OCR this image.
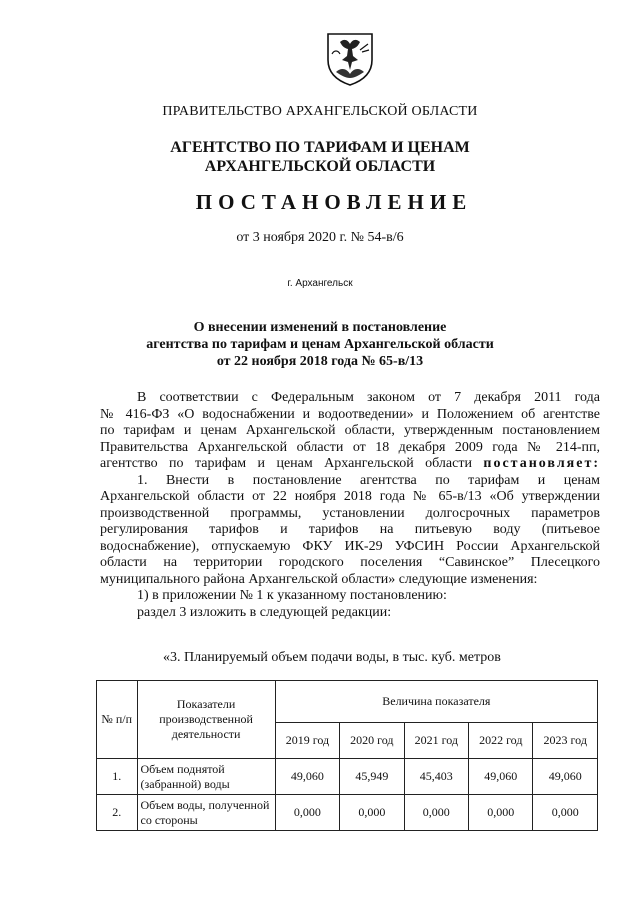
ПРАВИТЕЛЬСТВО АРХАНГЕЛЬСКОЙ ОБЛАСТИ
АГЕНТСТВО ПО ТАРИФАМ И ЦЕНАМ
АРХАНГЕЛЬСКОЙ ОБЛАСТИ
ПОСТАНОВЛЕНИЕ
от 3 ноября 2020 г. № 54-в/6
г. Архангельск
О внесении изменений в постановление
агентства по тарифам и ценам Архангельской области
от 22 ноября 2018 года № 65-в/13
В соответствии с Федеральным законом от 7 декабря 2011 года
№ 416-ФЗ «О водоснабжении и водоотведении» и Положением об агентстве
по тарифам и ценам Архангельской области, утвержденным постановлением
Правительства Архангельской области от 18 декабря 2009 года № 214-пп,
агентство по тарифам и ценам Архангельской области постановляет:
1. Внести в постановление агентства по тарифам и ценам
Архангельской области от 22 ноября 2018 года № 65-в/13 «Об утверждении
производственной программы, установлении долгосрочных параметров
регулирования тарифов и тарифов на питьевую воду (питьевое
водоснабжение), отпускаемую ФКУ ИК-29 УФСИН России Архангельской
области на территории городского поселения “Савинское” Плесецкого
муниципального района Архангельской области» следующие изменения:
1) в приложении № 1 к указанному постановлению:
раздел 3 изложить в следующей редакции:
«3. Планируемый объем подачи воды, в тыс. куб. метров
№ п/п	Показатели производственной деятельности	Величина показателя				
		2019 год	2020 год	2021 год	2022 год	2023 год
1.	Объем поднятой (забранной) воды	49,060	45,949	45,403	49,060	49,060
2.	Объем воды, полученной со стороны	0,000	0,000	0,000	0,000	0,000
